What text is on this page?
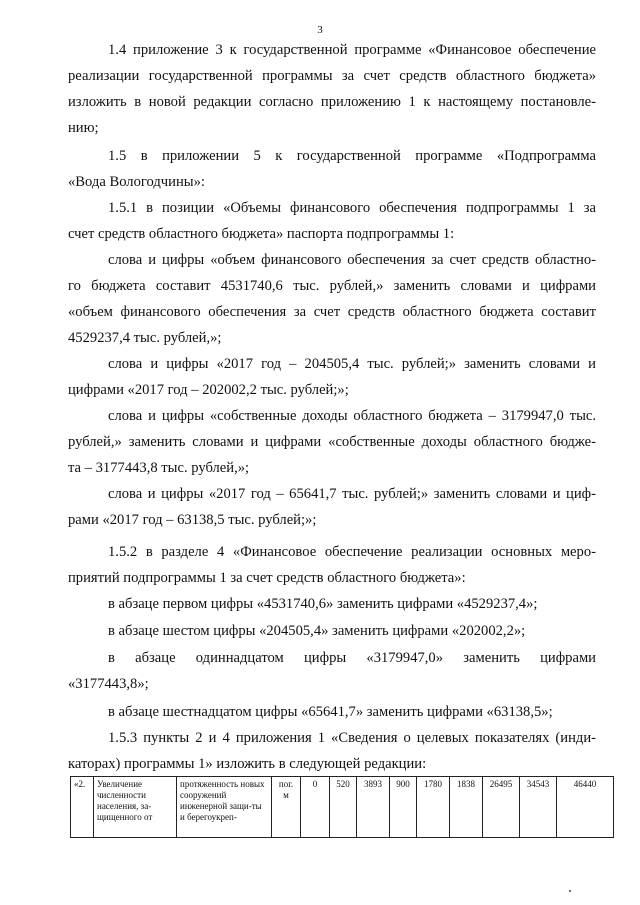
3

1.4 приложение 3 к государственной программе «Финансовое обеспечение
реализации государственной программы за счет средств областного бюджета»
изложить в новой редакции согласно приложению 1 к настоящему постановле-
нию;

1.5 в приложении 5 к государственной программе «Подпрограмма
«Вода Вологодчины»:

1.5.1 в позиции «Объемы финансового обеспечения подпрограммы 1 за
счет средств областного бюджета» паспорта подпрограммы 1:

слова и цифры «объем финансового обеспечения за счет средств областно-
го бюджета составит 4531740,6 тыс. рублей,» заменить словами и цифрами
«объем финансового обеспечения за счет средств областного бюджета составит
4529237,4 тыс. рублей,»;

слова и цифры «2017 год – 204505,4 тыс. рублей;» заменить словами и
цифрами «2017 год – 202002,2 тыс. рублей;»;

слова и цифры «собственные доходы областного бюджета – 3179947,0 тыс.
рублей,» заменить словами и цифрами «собственные доходы областного бюдже-
та – 3177443,8 тыс. рублей,»;

слова и цифры «2017 год – 65641,7 тыс. рублей;» заменить словами и циф-
рами «2017 год – 63138,5 тыс. рублей;»;

1.5.2 в разделе 4 «Финансовое обеспечение реализации основных меро-
приятий подпрограммы 1 за счет средств областного бюджета»:

в абзаце первом цифры «4531740,6» заменить цифрами «4529237,4»;

в абзаце шестом цифры «204505,4» заменить цифрами «202002,2»;

в абзаце одиннадцатом цифры «3179947,0» заменить цифрами
«3177443,8»;

в абзаце шестнадцатом цифры «65641,7» заменить цифрами «63138,5»;

1.5.3 пункты 2 и 4 приложения 1 «Сведения о целевых показателях (инди-
каторах) программы 1» изложить в следующей редакции:

«2.	Увеличение численности населения, за-щищенного от	протяженность новых сооружений инженерной защи-ты и берегоукреп-	пог. м	0	520	3893	900	1780	1838	26495	34543	46440
